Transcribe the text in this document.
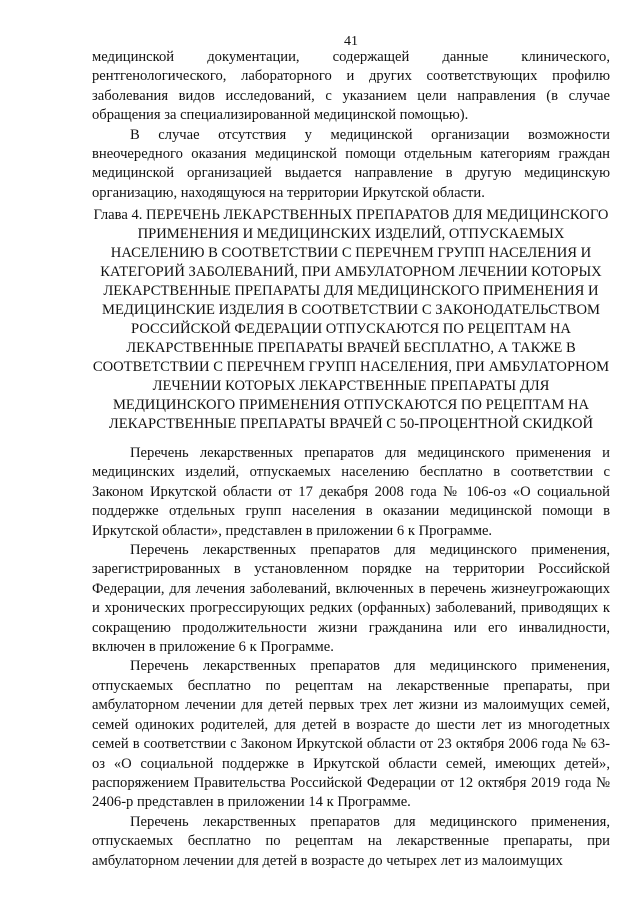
41

медицинской документации, содержащей данные клинического, рентгенологического, лабораторного и других соответствующих профилю заболевания видов исследований, с указанием цели направления (в случае обращения за специализированной медицинской помощью).

В случае отсутствия у медицинской организации возможности внеочередного оказания медицинской помощи отдельным категориям граждан медицинской организацией выдается направление в другую медицинскую организацию, находящуюся на территории Иркутской области.

Глава 4. ПЕРЕЧЕНЬ ЛЕКАРСТВЕННЫХ ПРЕПАРАТОВ ДЛЯ МЕДИЦИНСКОГО ПРИМЕНЕНИЯ И МЕДИЦИНСКИХ ИЗДЕЛИЙ, ОТПУСКАЕМЫХ НАСЕЛЕНИЮ В СООТВЕТСТВИИ С ПЕРЕЧНЕМ ГРУПП НАСЕЛЕНИЯ И КАТЕГОРИЙ ЗАБОЛЕВАНИЙ, ПРИ АМБУЛАТОРНОМ ЛЕЧЕНИИ КОТОРЫХ ЛЕКАРСТВЕННЫЕ ПРЕПАРАТЫ ДЛЯ МЕДИЦИНСКОГО ПРИМЕНЕНИЯ И МЕДИЦИНСКИЕ ИЗДЕЛИЯ В СООТВЕТСТВИИ С ЗАКОНОДАТЕЛЬСТВОМ РОССИЙСКОЙ ФЕДЕРАЦИИ ОТПУСКАЮТСЯ ПО РЕЦЕПТАМ НА ЛЕКАРСТВЕННЫЕ ПРЕПАРАТЫ ВРАЧЕЙ БЕСПЛАТНО, А ТАКЖЕ В СООТВЕТСТВИИ С ПЕРЕЧНЕМ ГРУПП НАСЕЛЕНИЯ, ПРИ АМБУЛАТОРНОМ ЛЕЧЕНИИ КОТОРЫХ ЛЕКАРСТВЕННЫЕ ПРЕПАРАТЫ ДЛЯ МЕДИЦИНСКОГО ПРИМЕНЕНИЯ ОТПУСКАЮТСЯ ПО РЕЦЕПТАМ НА ЛЕКАРСТВЕННЫЕ ПРЕПАРАТЫ ВРАЧЕЙ С 50-ПРОЦЕНТНОЙ СКИДКОЙ

Перечень лекарственных препаратов для медицинского применения и медицинских изделий, отпускаемых населению бесплатно в соответствии с Законом Иркутской области от 17 декабря 2008 года № 106-оз «О социальной поддержке отдельных групп населения в оказании медицинской помощи в Иркутской области», представлен в приложении 6 к Программе.

Перечень лекарственных препаратов для медицинского применения, зарегистрированных в установленном порядке на территории Российской Федерации, для лечения заболеваний, включенных в перечень жизнеугрожающих и хронических прогрессирующих редких (орфанных) заболеваний, приводящих к сокращению продолжительности жизни гражданина или его инвалидности, включен в приложение 6 к Программе.

Перечень лекарственных препаратов для медицинского применения, отпускаемых бесплатно по рецептам на лекарственные препараты, при амбулаторном лечении для детей первых трех лет жизни из малоимущих семей, семей одиноких родителей, для детей в возрасте до шести лет из многодетных семей в соответствии с Законом Иркутской области от 23 октября 2006 года № 63-оз «О социальной поддержке в Иркутской области семей, имеющих детей», распоряжением Правительства Российской Федерации от 12 октября 2019 года № 2406-р представлен в приложении 14 к Программе.

Перечень лекарственных препаратов для медицинского применения, отпускаемых бесплатно по рецептам на лекарственные препараты, при амбулаторном лечении для детей в возрасте до четырех лет из малоимущих
